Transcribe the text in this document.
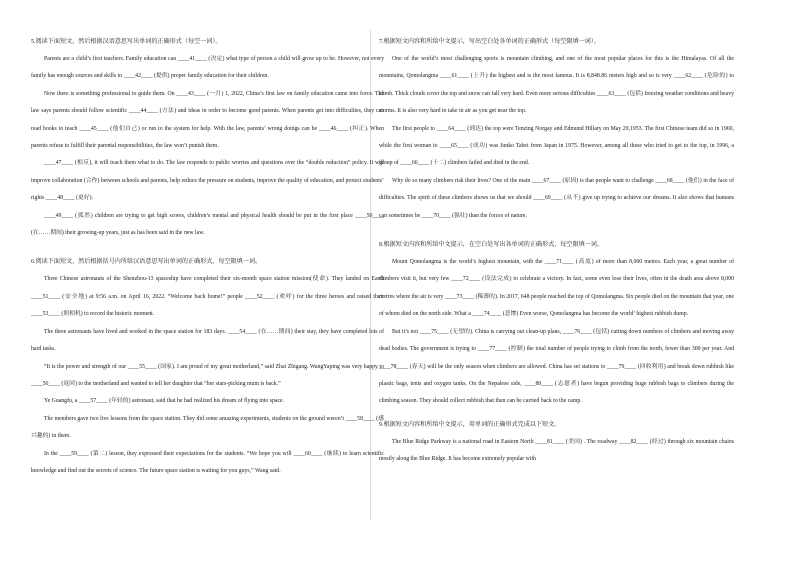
5.阅读下面短文，然后根据汉语意思写出单词的正确形式（每空一词）。

Parents are a child’s first teachers. Family education can ____41____ (决定) what type of person a child will grow up to be. However, not every family has enough sources and skills to ____42____ (提供) proper family education for their children.

Now there is something professional to guide them. On ____43____ (一月) 1, 2022, China’s first law on family education came into force. The law says parents should follow scientific ____44____ (方法) and ideas in order to become good parents. When parents get into difficulties, they can read books to teach ____45____ (他们自己) or run to the system for help. With the law, parents’ wrong doings can be ____46____ (纠正). When parents refuse to fulfill their parental responsibilities, the law won’t punish them.

____47____ (相反), it will teach them what to do. The law responds to public worries and questions over the “double reduction” policy. It will improve collaboration (合作) between schools and parents, help reduce the pressure on students, improve the quality of education, and protect students’ rights ____48____ (更好).

____49____ (孤然) children are trying to get high scores, children’s mental and physical health should be put in the first place ____50____ (在……期间) their growing-up years, just as has been said in the new law.

6.阅读下面短文，然后根据括号内所给汉语意思写出单词的正确形式，每空限填一词。

Three Chinese astronauts of the Shenzhou-13 spaceship have completed their six-month space station mission(使命). They landed on Earth ____51____ (安全地) at 9:56 a.m. on April 16, 2022. “Welcome back home!” people ____52____ (欢呼) for the three heroes and raised their ____53____ (照相机) to record the historic moment.

The three astronauts have lived and worked in the space station for 183 days. ____54____ (在……期间) their stay, they have completed lots of hard tasks.

“It is the power and strength of our ____55____ (国家). I am proud of my great motherland,” said Zhai Zhigang. WangYaping was very happy to ____56____ (返回) to the motherland and wanted to tell her daughter that “her stars-picking mum is back.”

Ye Guangfu, a ____57____ (年轻的) astronaut, said that he had realized his dream of flying into space.

The members gave two live lessons from the space station. They did some amazing experiments, students on the ground weren’t ____58____ (感兴趣的) in them.

In the ____59____ (第二) lesson, they expressed their expectations for the students. “We hope you will ____60____ (继续) to learn scientific knowledge and find out the secrets of science. The future space station is waiting for you guys,” Wang said.

7.根据短文内容和所给中文提示，写出空白处各单词的正确形式（每空限填一词）。

One of the world’s most challenging sports is mountain climbing, and one of the most popular places for this is the Himalayas. Of all the mountains, Qomolangma ____61____ (上升) the highest and is the most famous. It is 8,848.86 meters high and so is very ____62____ (危险的) to climb. Thick clouds cover the top and snow can fall very hard. Even more serious difficulties ____63____ (包括) freezing weather conditions and heavy storms. It is also very hard to take in air as you get near the top.

The first people to ____64____ (到达) the top were Tenzing Norgay and Edmund Hillary on May 29,1953. The first Chinese team did so in 1960, while the first woman to ____65____ (成功) was Junko Tabei from Japan in 1975. However, among all these who tried to get to the top, in 1996, a group of ____66____ (十二) climbers failed and died in the end.

Why do so many climbers risk their lives? One of the main ____67____ (原因) is that people want to challenge ____68____ (他们) in the face of difficulties. The spirit of these climbers shows us that we should ____69____ (从不) give up trying to achieve our dreams. It also shows that humans can sometimes be ____70____ (强壮) than the forces of nature.

8.根据短文内容和所给中文提示，在空白处写出各单词的正确形式，每空限填一词。

Mount Qomolangma is the world’s highest mountain, with the ____71____ (高度) of more than 8,000 metres. Each year, a great number of climbers visit it, but very few ____72____ (设法完成) to celebrate a victory. In fact, some even lose their lives, often in the death area above 8,000 metres where the air is very ____73____ (稀薄的). In 2017, 648 people reached the top of Qomolangma. Six people died on the mountain that year, one of whom died on the north side. What a ____74____ (悲惨) Even worse, Qomolangma has become the world’ highest rubbish dump.

But it’s not ____75____ (无望的). China is carrying out clean-up plans, ____76____ (包括) cutting down numbers of climbers and moving away dead bodies. The government is trying to ____77____ (控制) the total number of people trying to climb from the north, fewer than 300 per year. And ____78____ (春天) will be the only season when climbers are allowed. China has set stations to ____79____ (回收利用) and break down rubbish like plastic bags, tents and oxygen tanks. On the Nepalese side, ____80____ (志愿者) have begun providing huge rubbish bags to climbers during the climbing season. They should collect rubbish that then can be carried back to the camp.

9.根据短文内容和所给中文提示，用单词的正确形式完成以下短文。

The Blue Ridge Parkway is a national road in Eastern North ____81____ (美国) . The roadway ____82____ (经过) through six mountain chains mostly along the Blue Ridge. It has become extremely popular with
